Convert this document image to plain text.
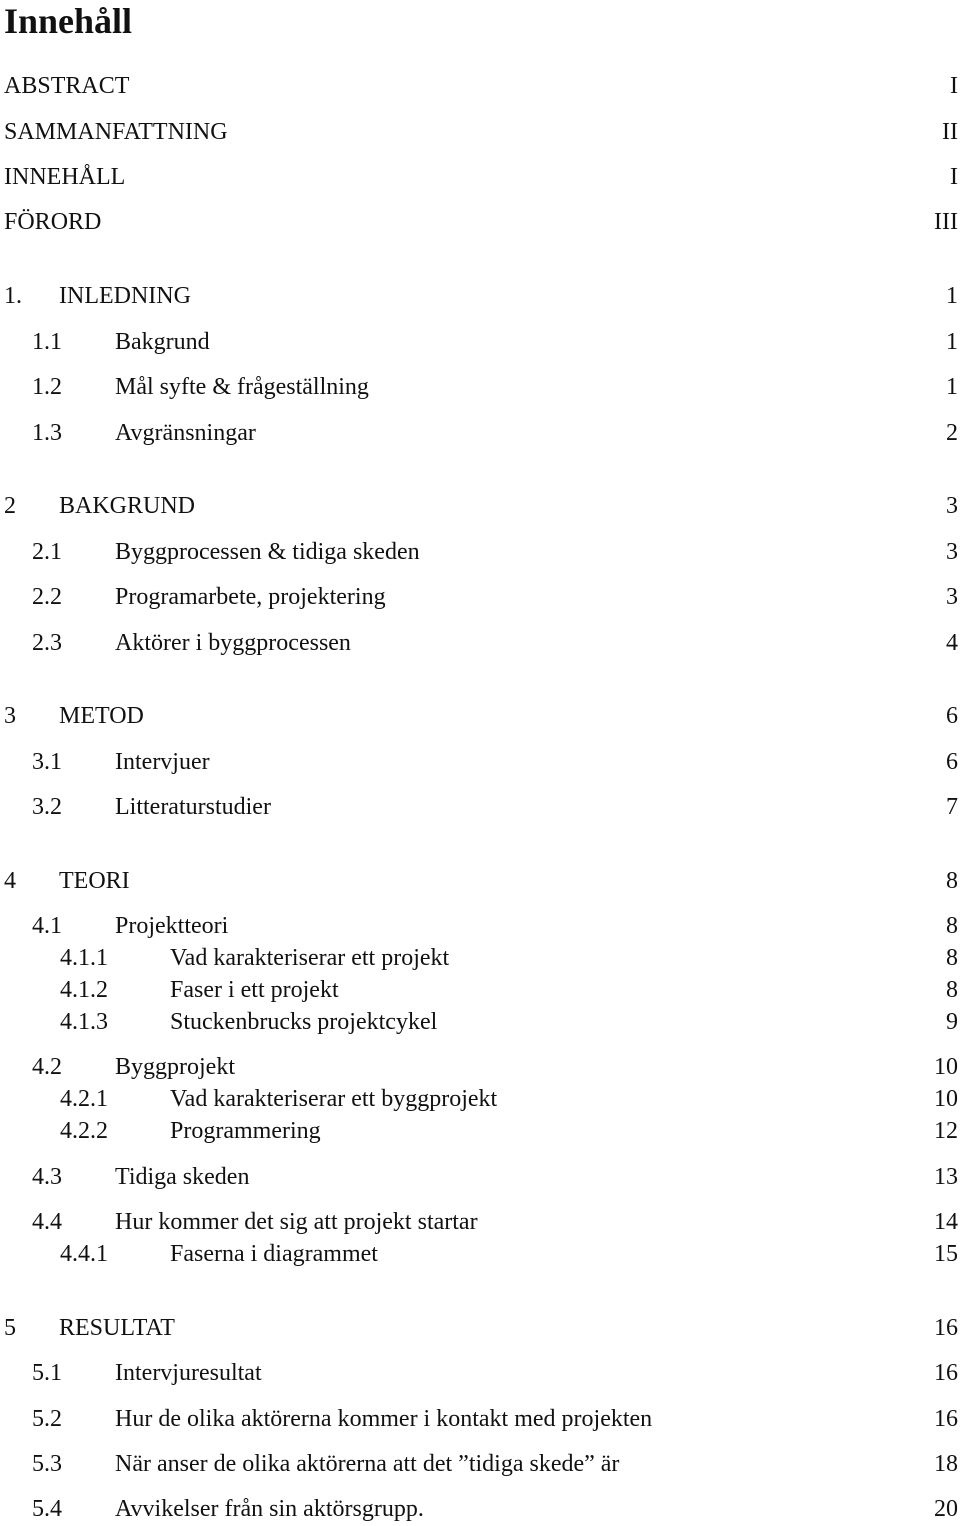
Innehåll
ABSTRACT	I
SAMMANFATTNING	II
INNEHÅLL	I
FÖRORD	III
1. INLEDNING	1
1.1 Bakgrund	1
1.2 Mål syfte & frågeställning	1
1.3 Avgränsningar	2
2 BAKGRUND	3
2.1 Byggprocessen & tidiga skeden	3
2.2 Programarbete, projektering	3
2.3 Aktörer i byggprocessen	4
3 METOD	6
3.1 Intervjuer	6
3.2 Litteraturstudier	7
4 TEORI	8
4.1 Projektteori	8
4.1.1	Vad karakteriserar ett projekt	8
4.1.2	Faser i ett projekt	8
4.1.3	Stuckenbrucks projektcykel	9
4.2 Byggprojekt	10
4.2.1	Vad karakteriserar ett byggprojekt	10
4.2.2	Programmering	12
4.3 Tidiga skeden	13
4.4 Hur kommer det sig att projekt startar	14
4.4.1	Faserna i diagrammet	15
5 RESULTAT	16
5.1 Intervjuresultat	16
5.2 Hur de olika aktörerna kommer i kontakt med projekten	16
5.3 När anser de olika aktörerna att det ”tidiga skede” är	18
5.4 Avvikelser från sin aktörsgrupp.	20
